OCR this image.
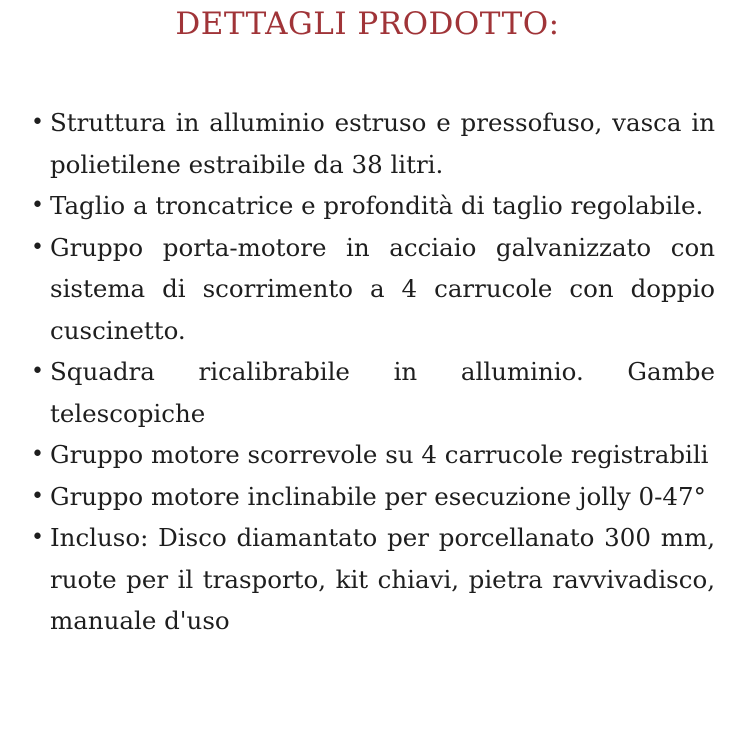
DETTAGLI PRODOTTO:
• Struttura in alluminio estruso e pressofuso, vasca in polietilene estraibile da 38 litri.
• Taglio a troncatrice e profondità di taglio regolabile.
• Gruppo porta-motore in acciaio galvanizzato con sistema di scorrimento a 4 carrucole con doppio cuscinetto.
• Squadra ricalibrabile in alluminio. Gambe telescopiche
• Gruppo motore scorrevole su 4 carrucole registrabili
• Gruppo motore inclinabile per esecuzione jolly 0-47°
• Incluso: Disco diamantato per porcellanato 300 mm, ruote per il trasporto, kit chiavi, pietra ravvivadisco, manuale d'uso
